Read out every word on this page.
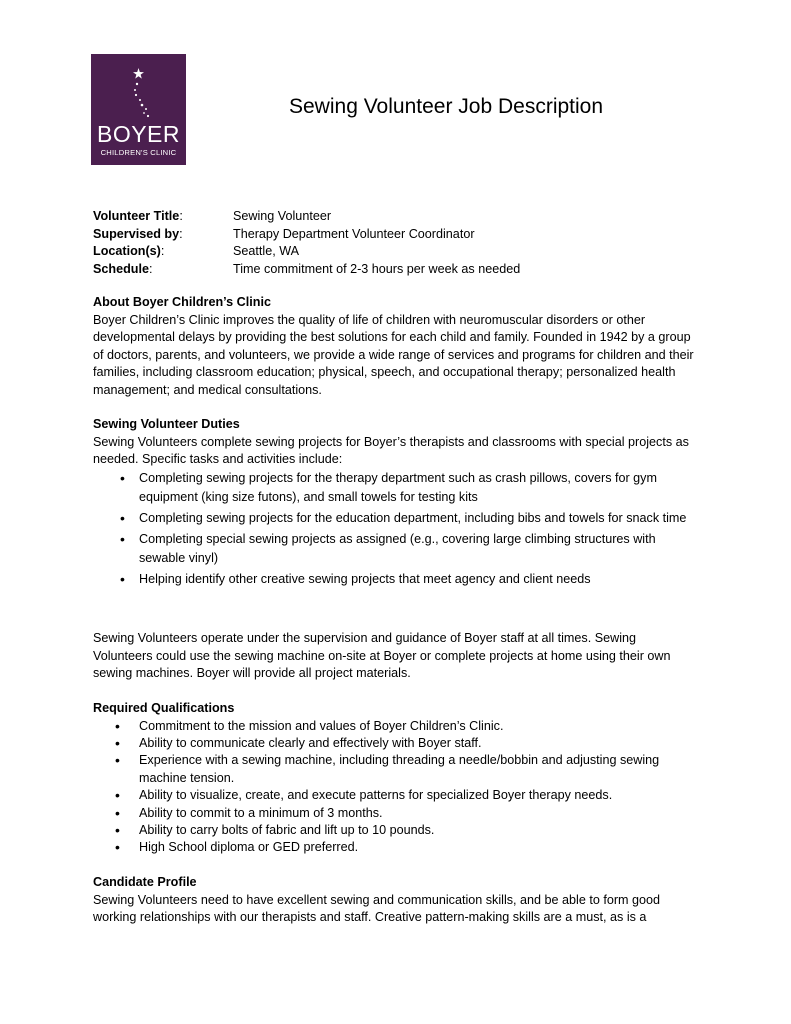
BOYER
CHILDREN'S CLINIC
Sewing Volunteer Job Description
Volunteer Title:	Sewing Volunteer
Supervised by:	Therapy Department Volunteer Coordinator
Location(s):	Seattle, WA
Schedule:	Time commitment of 2-3 hours per week as needed
About Boyer Children’s Clinic

Boyer Children’s Clinic improves the quality of life of children with neuromuscular disorders or other developmental delays by providing the best solutions for each child and family. Founded in 1942 by a group of doctors, parents, and volunteers, we provide a wide range of services and programs for children and their families, including classroom education; physical, speech, and occupational therapy; personalized health management; and medical consultations.

Sewing Volunteer Duties

Sewing Volunteers complete sewing projects for Boyer’s therapists and classrooms with special projects as needed. Specific tasks and activities include:

• Completing sewing projects for the therapy department such as crash pillows, covers for gym equipment (king size futons), and small towels for testing kits
• Completing sewing projects for the education department, including bibs and towels for snack time
• Completing special sewing projects as assigned (e.g., covering large climbing structures with sewable vinyl)
• Helping identify other creative sewing projects that meet agency and client needs

Sewing Volunteers operate under the supervision and guidance of Boyer staff at all times. Sewing Volunteers could use the sewing machine on-site at Boyer or complete projects at home using their own sewing machines. Boyer will provide all project materials.

Required Qualifications
• Commitment to the mission and values of Boyer Children’s Clinic.
• Ability to communicate clearly and effectively with Boyer staff.
• Experience with a sewing machine, including threading a needle/bobbin and adjusting sewing machine tension.
• Ability to visualize, create, and execute patterns for specialized Boyer therapy needs.
• Ability to commit to a minimum of 3 months.
• Ability to carry bolts of fabric and lift up to 10 pounds.
• High School diploma or GED preferred.
Candidate Profile

Sewing Volunteers need to have excellent sewing and communication skills, and be able to form good working relationships with our therapists and staff. Creative pattern-making skills are a must, as is a
